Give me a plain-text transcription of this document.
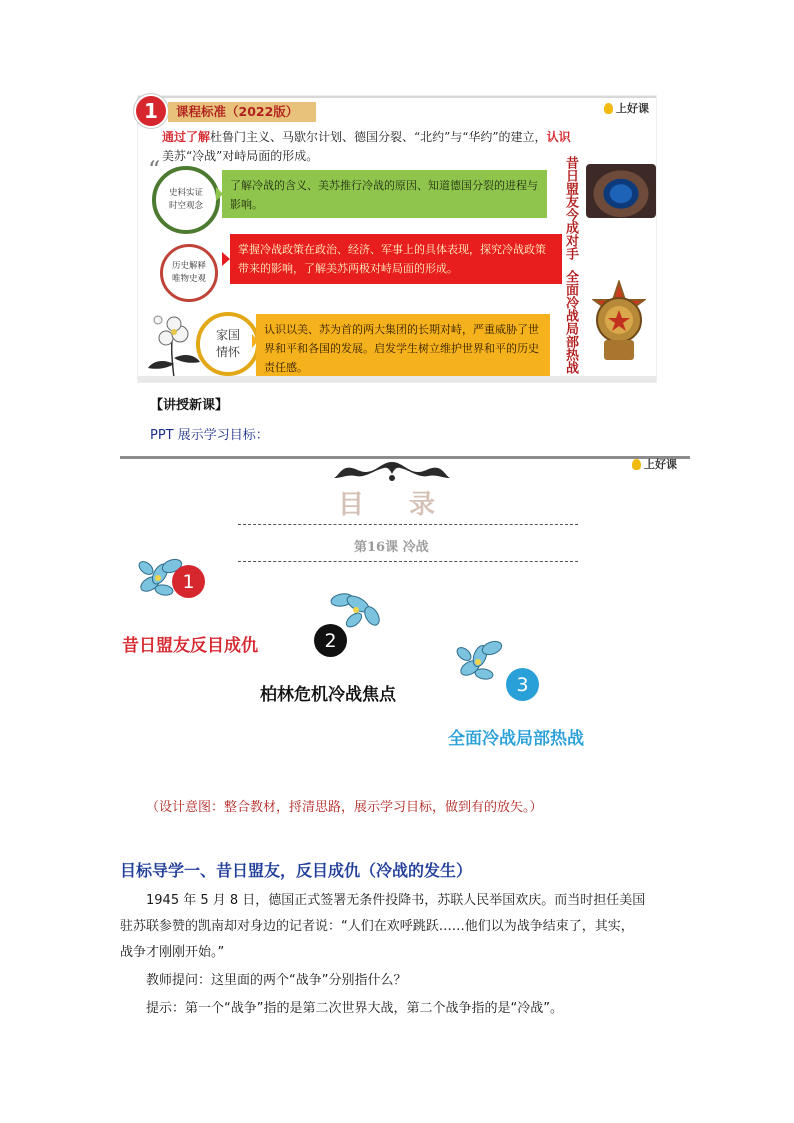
1	课程标准（2022版）	上好课
通过了解杜鲁门主义、马歇尔计划、德国分裂、“北约”与“华约”的建立，认识美苏“冷战”对峙局面的形成。
“
史料实证
时空观念
了解冷战的含义、美苏推行冷战的原因、知道德国分裂的进程与影响。
历史解释
唯物史观
掌握冷战政策在政治、经济、军事上的具体表现，探究冷战政策带来的影响，了解美苏两极对峙局面的形成。
家国
情怀
认识以美、苏为首的两大集团的长期对峙，严重威胁了世界和平和各国的发展。启发学生树立维护世界和平的历史责任感。
昔日盟友今成对手
全面冷战局部热战
【讲授新课】
PPT 展示学习目标：
上好课
目 录
第16课 冷战
1
昔日盟友反目成仇	2
柏林危机冷战焦点	3
全面冷战局部热战
（设计意图：整合教材，捋清思路，展示学习目标，做到有的放矢。）
目标导学一、昔日盟友，反目成仇（冷战的发生）
1945 年 5 月 8 日，德国正式签署无条件投降书，苏联人民举国欢庆。而当时担任美国
驻苏联参赞的凯南却对身边的记者说：“人们在欢呼跳跃……他们以为战争结束了，其实，
战争才刚刚开始。”
教师提问：这里面的两个“战争”分别指什么？
提示：第一个“战争”指的是第二次世界大战，第二个战争指的是“冷战”。
